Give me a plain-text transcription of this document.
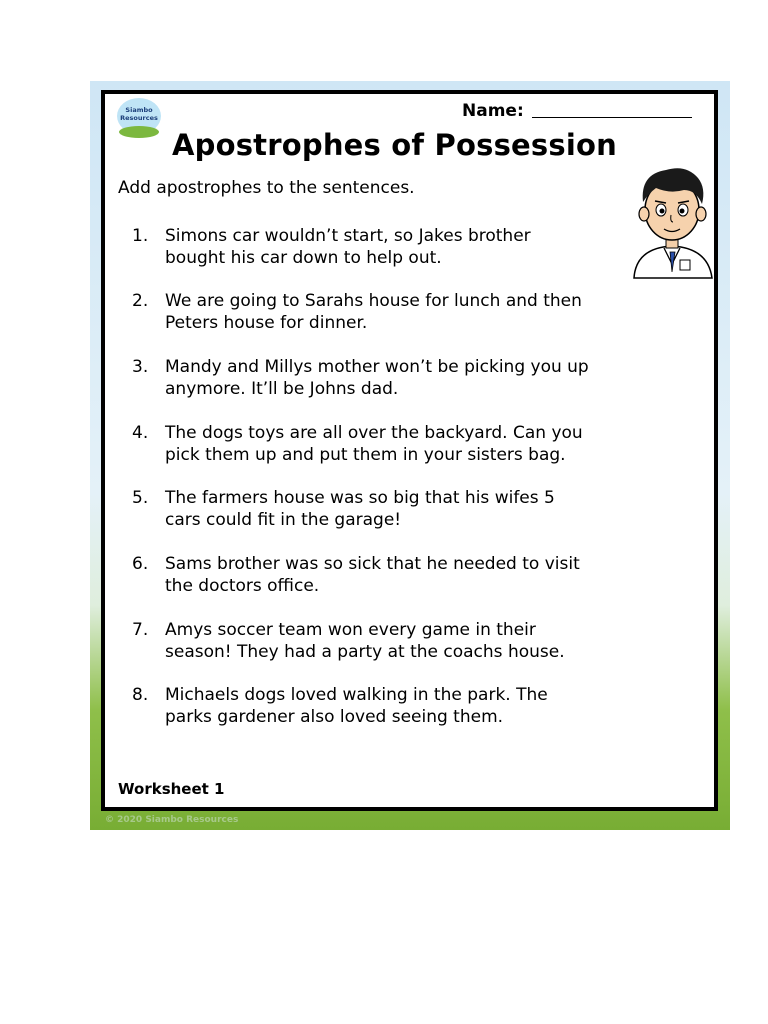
Siambo
Resources	Name:
Apostrophes of Possession
Add apostrophes to the sentences.
1. Simons car wouldn’t start, so Jakes brother
bought his car down to help out.
2. We are going to Sarahs house for lunch and then
Peters house for dinner.
3. Mandy and Millys mother won’t be picking you up
anymore. It’ll be Johns dad.
4. The dogs toys are all over the backyard. Can you
pick them up and put them in your sisters bag.
5. The farmers house was so big that his wifes 5
cars could fit in the garage!
6. Sams brother was so sick that he needed to visit
the doctors office.
7. Amys soccer team won every game in their
season! They had a party at the coachs house.
8. Michaels dogs loved walking in the park. The
parks gardener also loved seeing them.
Worksheet 1
© 2020 Siambo Resources
